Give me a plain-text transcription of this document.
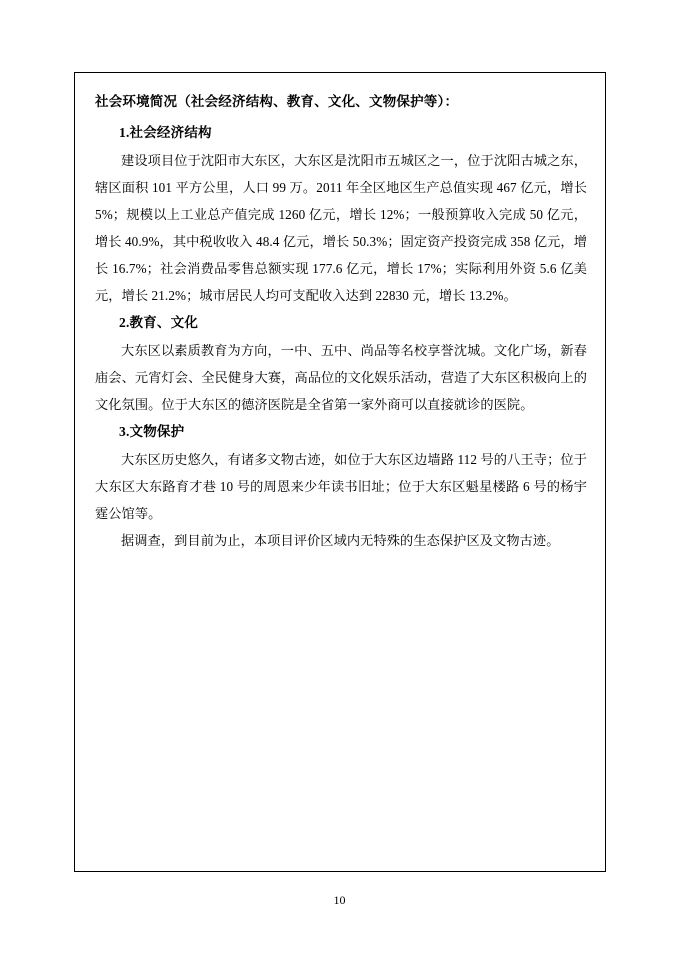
社会环境简况（社会经济结构、教育、文化、文物保护等）：

1.社会经济结构

建设项目位于沈阳市大东区，大东区是沈阳市五城区之一，位于沈阳古城之东，辖区面积 101 平方公里，人口 99 万。2011 年全区地区生产总值实现 467 亿元，增长 5%；规模以上工业总产值完成 1260 亿元，增长 12%；一般预算收入完成 50 亿元，增长 40.9%，其中税收收入 48.4 亿元，增长 50.3%；固定资产投资完成 358 亿元，增长 16.7%；社会消费品零售总额实现 177.6 亿元，增长 17%；实际利用外资 5.6 亿美元，增长 21.2%；城市居民人均可支配收入达到 22830 元，增长 13.2%。

2.教育、文化

大东区以素质教育为方向，一中、五中、尚品等名校享誉沈城。文化广场，新春庙会、元宵灯会、全民健身大赛，高品位的文化娱乐活动，营造了大东区积极向上的文化氛围。位于大东区的德济医院是全省第一家外商可以直接就诊的医院。

3.文物保护

大东区历史悠久，有诸多文物古迹，如位于大东区边墙路 112 号的八王寺；位于大东区大东路育才巷 10 号的周恩来少年读书旧址；位于大东区魁星楼路 6 号的杨宇霆公馆等。

据调查，到目前为止，本项目评价区域内无特殊的生态保护区及文物古迹。

10
